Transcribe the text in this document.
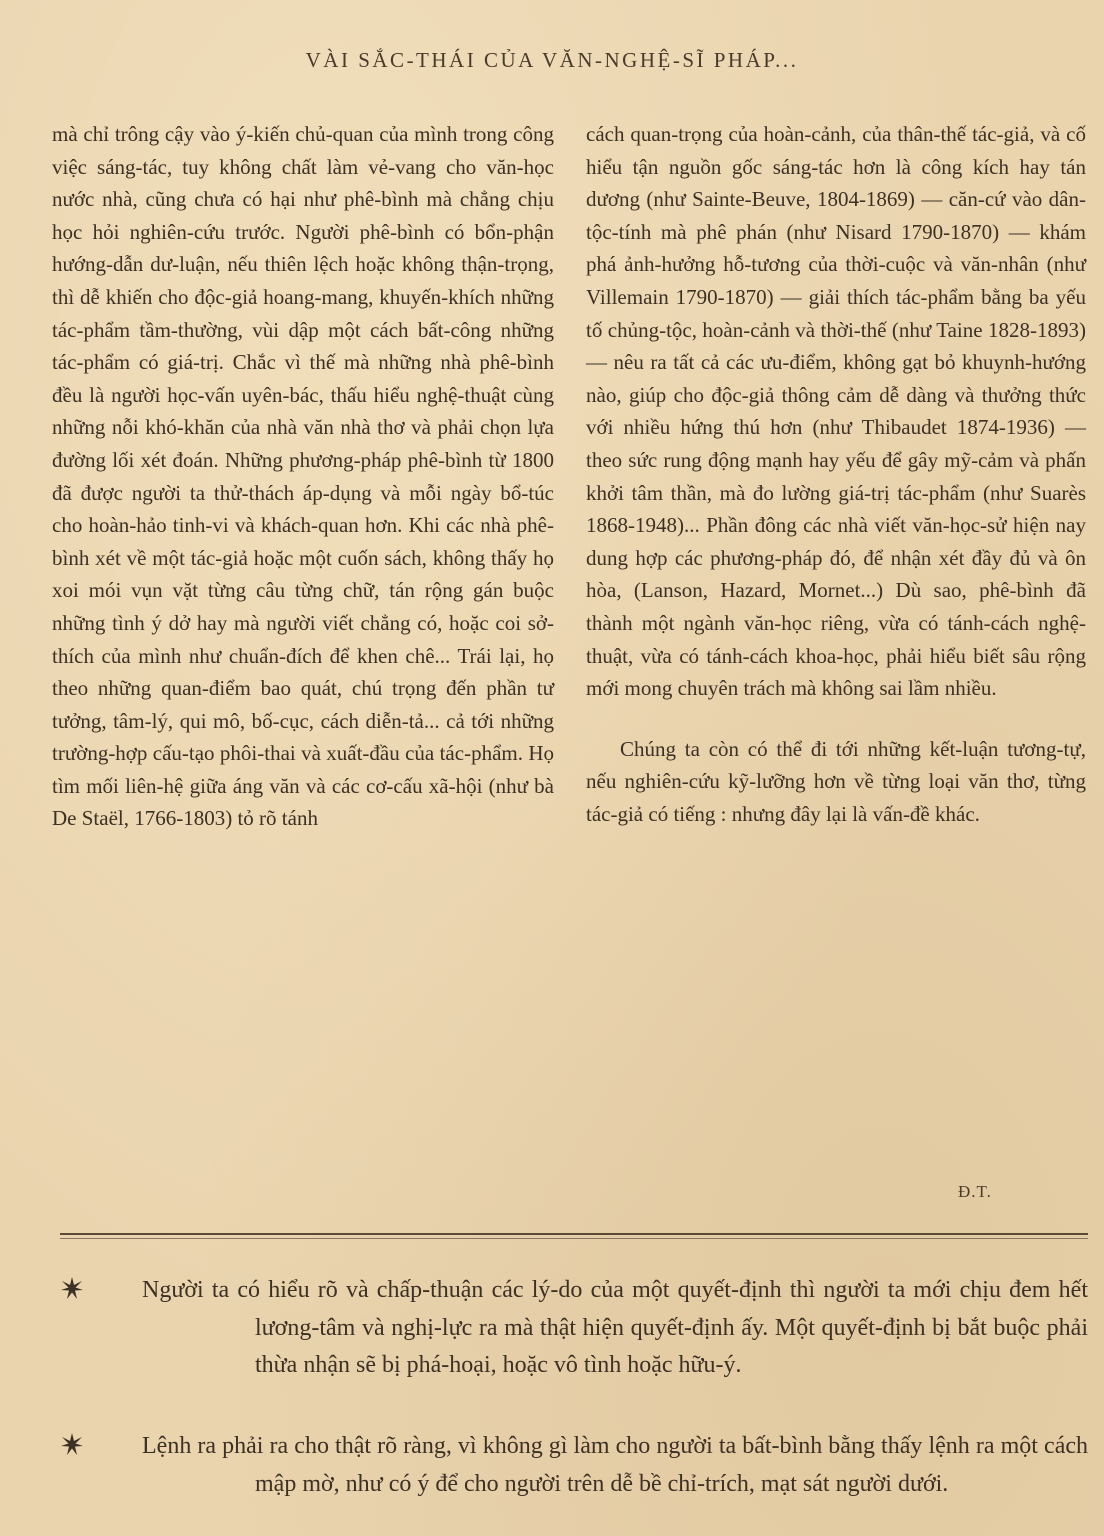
VÀI SẮC-THÁI CỦA VĂN-NGHỆ-SĨ PHÁP...

mà chỉ trông cậy vào ý-kiến chủ-quan của mình trong công việc sáng-tác, tuy không chất làm vẻ-vang cho văn-học nước nhà, cũng chưa có hại như phê-bình mà chẳng chịu học hỏi nghiên-cứu trước. Người phê-bình có bổn-phận hướng-dẫn dư-luận, nếu thiên lệch hoặc không thận-trọng, thì dễ khiến cho độc-giả hoang-mang, khuyến-khích những tác-phẩm tầm-thường, vùi dập một cách bất-công những tác-phẩm có giá-trị. Chắc vì thế mà những nhà phê-bình đều là người học-vấn uyên-bác, thấu hiểu nghệ-thuật cùng những nỗi khó-khăn của nhà văn nhà thơ và phải chọn lựa đường lối xét đoán. Những phương-pháp phê-bình từ 1800 đã được người ta thử-thách áp-dụng và mỗi ngày bổ-túc cho hoàn-hảo tinh-vi và khách-quan hơn. Khi các nhà phê-bình xét về một tác-giả hoặc một cuốn sách, không thấy họ xoi mói vụn vặt từng câu từng chữ, tán rộng gán buộc những tình ý dở hay mà người viết chẳng có, hoặc coi sở-thích của mình như chuẩn-đích để khen chê... Trái lại, họ theo những quan-điểm bao quát, chú trọng đến phần tư tưởng, tâm-lý, qui mô, bố-cục, cách diễn-tả... cả tới những trường-hợp cấu-tạo phôi-thai và xuất-đầu của tác-phẩm. Họ tìm mối liên-hệ giữa áng văn và các cơ-cấu xã-hội (như bà De Staël, 1766-1803) tỏ rõ tánh

cách quan-trọng của hoàn-cảnh, của thân-thế tác-giả, và cố hiểu tận nguồn gốc sáng-tác hơn là công kích hay tán dương (như Sainte-Beuve, 1804-1869) — căn-cứ vào dân-tộc-tính mà phê phán (như Nisard 1790-1870) — khám phá ảnh-hưởng hỗ-tương của thời-cuộc và văn-nhân (như Villemain 1790-1870) — giải thích tác-phẩm bằng ba yếu tố chủng-tộc, hoàn-cảnh và thời-thế (như Taine 1828-1893) — nêu ra tất cả các ưu-điểm, không gạt bỏ khuynh-hướng nào, giúp cho độc-giả thông cảm dễ dàng và thưởng thức với nhiều hứng thú hơn (như Thibaudet 1874-1936) — theo sức rung động mạnh hay yếu để gây mỹ-cảm và phấn khởi tâm thần, mà đo lường giá-trị tác-phẩm (như Suarès 1868-1948)... Phần đông các nhà viết văn-học-sử hiện nay dung hợp các phương-pháp đó, để nhận xét đầy đủ và ôn hòa, (Lanson, Hazard, Mornet...) Dù sao, phê-bình đã thành một ngành văn-học riêng, vừa có tánh-cách nghệ-thuật, vừa có tánh-cách khoa-học, phải hiểu biết sâu rộng mới mong chuyên trách mà không sai lầm nhiều.

Chúng ta còn có thể đi tới những kết-luận tương-tự, nếu nghiên-cứu kỹ-lưỡng hơn về từng loại văn thơ, từng tác-giả có tiếng : nhưng đây lại là vấn-đề khác.

Đ.T.
Người ta có hiểu rõ và chấp-thuận các lý-do của một quyết-định thì người ta mới chịu đem hết lương-tâm và nghị-lực ra mà thật hiện quyết-định ấy. Một quyết-định bị bắt buộc phải thừa nhận sẽ bị phá-hoại, hoặc vô tình hoặc hữu-ý.
Lệnh ra phải ra cho thật rõ ràng, vì không gì làm cho người ta bất-bình bằng thấy lệnh ra một cách mập mờ, như có ý để cho người trên dễ bề chỉ-trích, mạt sát người dưới.
